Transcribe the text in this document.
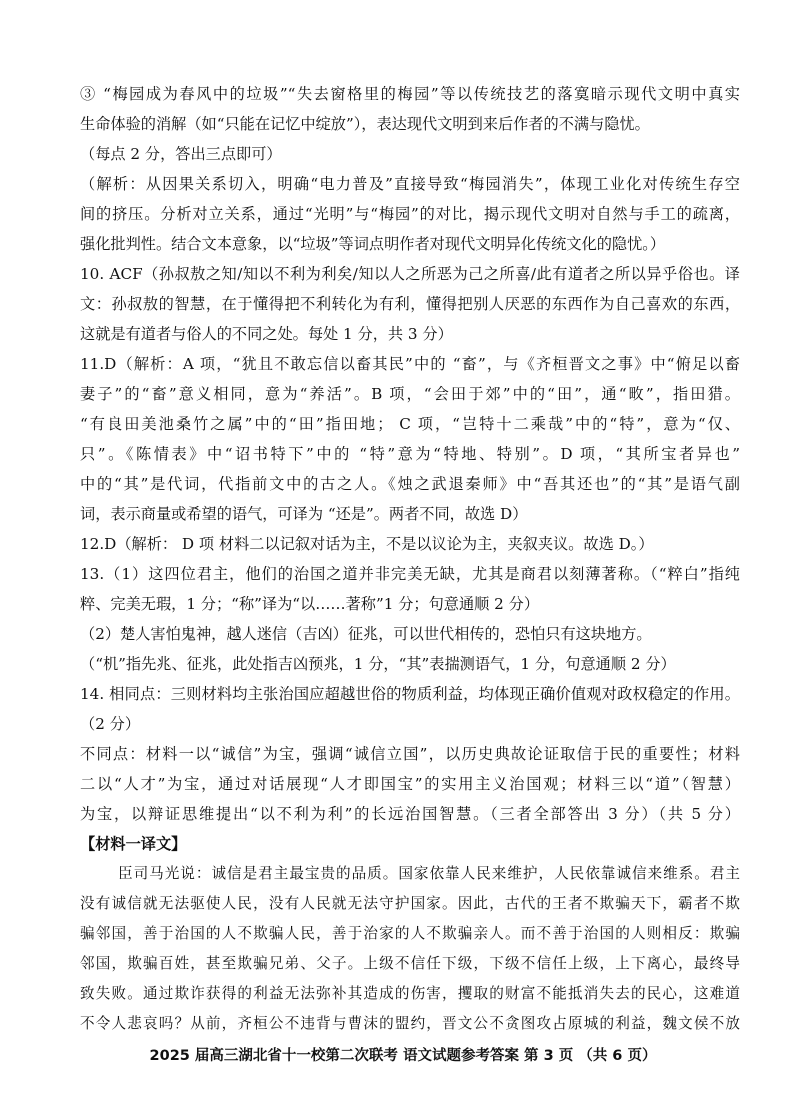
③ “梅园成为春风中的垃圾”“失去窗格里的梅园”等以传统技艺的落寞暗示现代文明中真实
生命体验的消解（如“只能在记忆中绽放”），表达现代文明到来后作者的不满与隐忧。
（每点 2 分，答出三点即可）
（解析：从因果关系切入，明确“电力普及”直接导致“梅园消失”，体现工业化对传统生存空
间的挤压。分析对立关系，通过“光明”与“梅园”的对比，揭示现代文明对自然与手工的疏离，
强化批判性。结合文本意象，以“垃圾”等词点明作者对现代文明异化传统文化的隐忧。）
10. ACF（孙叔敖之知/知以不利为利矣/知以人之所恶为己之所喜/此有道者之所以异乎俗也。译
文：孙叔敖的智慧，在于懂得把不利转化为有利，懂得把别人厌恶的东西作为自己喜欢的东西，
这就是有道者与俗人的不同之处。每处 1 分，共 3 分）
11.D（解析：A 项，“犹且不敢忘信以畜其民”中的 “畜”，与《齐桓晋文之事》中“俯足以畜
妻子”的“畜”意义相同，意为“养活”。B 项，“会田于郊”中的“田”，通“畋”，指田猎。
“有良田美池桑竹之属”中的“田”指田地； C 项，“岂特十二乘哉”中的“特”，意为“仅、
只”。《陈情表》中“诏书特下”中的 “特”意为“特地、特别”。D 项，“其所宝者异也”
中的“其”是代词，代指前文中的古之人。《烛之武退秦师》中“吾其还也”的“其”是语气副
词，表示商量或希望的语气，可译为 “还是”。两者不同，故选 D）
12.D（解析： D 项 材料二以记叙对话为主，不是以议论为主，夹叙夹议。故选 D。）
13.（1）这四位君主，他们的治国之道并非完美无缺，尤其是商君以刻薄著称。（“粹白”指纯
粹、完美无瑕，1 分；“称”译为“以……著称”1 分；句意通顺 2 分）
（2）楚人害怕鬼神，越人迷信（吉凶）征兆，可以世代相传的，恐怕只有这块地方。
（“机”指先兆、征兆，此处指吉凶预兆，1 分，“其”表揣测语气，1 分，句意通顺 2 分）
14. 相同点：三则材料均主张治国应超越世俗的物质利益，均体现正确价值观对政权稳定的作用。
（2 分）
不同点：材料一以“诚信”为宝，强调“诚信立国”，以历史典故论证取信于民的重要性；材料
二以“人才”为宝，通过对话展现“人才即国宝”的实用主义治国观；材料三以“道”（智慧）
为宝，以辩证思维提出“以不利为利”的长远治国智慧。（三者全部答出 3 分）（共 5 分）
【材料一译文】
臣司马光说：诚信是君主最宝贵的品质。国家依靠人民来维护，人民依靠诚信来维系。君主
没有诚信就无法驱使人民，没有人民就无法守护国家。因此，古代的王者不欺骗天下，霸者不欺
骗邻国，善于治国的人不欺骗人民，善于治家的人不欺骗亲人。而不善于治国的人则相反：欺骗
邻国，欺骗百姓，甚至欺骗兄弟、父子。上级不信任下级，下级不信任上级，上下离心，最终导
致失败。通过欺诈获得的利益无法弥补其造成的伤害，攫取的财富不能抵消失去的民心，这难道
不令人悲哀吗？从前，齐桓公不违背与曹沫的盟约，晋文公不贪图攻占原城的利益，魏文侯不放
2025 届高三湖北省十一校第二次联考 语文试题参考答案 第 3 页 （共 6 页）
